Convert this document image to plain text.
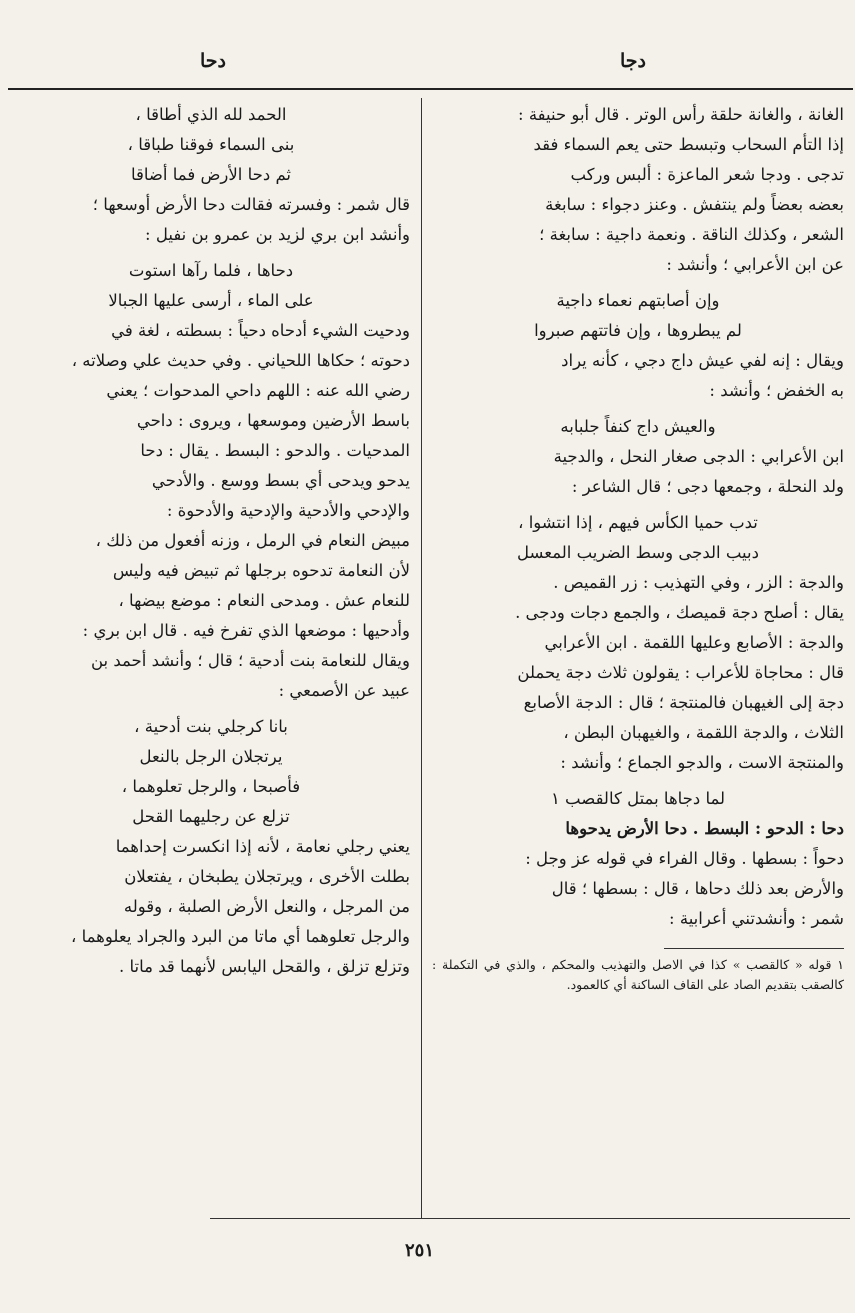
دجا
دحا

الغانة ، والغانة حلقة رأس الوتر . قال أبو حنيفة :

إذا التأم السحاب وتبسط حتى يعم السماء فقد

تدجى . ودجا شعر الماعزة : ألبس وركب

بعضه بعضاً ولم ينتفش . وعنز دجواء : سابغة

الشعر ، وكذلك الناقة . ونعمة داجية : سابغة ؛

عن ابن الأعرابي ؛ وأنشد :

وإن أصابتهم نعماء داجية

لم يبطروها ، وإن فاتتهم صبروا

ويقال : إنه لفي عيش داج دجي ، كأنه يراد

به الخفض ؛ وأنشد :

والعيش داج كنفاً جلبابه

ابن الأعرابي : الدجى صغار النحل ، والدجية

ولد النحلة ، وجمعها دجى ؛ قال الشاعر :

تدب حميا الكأس فيهم ، إذا انتشوا ،

دبيب الدجى وسط الضريب المعسل

والدجة : الزر ، وفي التهذيب : زر القميص .

يقال : أصلح دجة قميصك ، والجمع دجات ودجى .

والدجة : الأصابع وعليها اللقمة . ابن الأعرابي

قال : محاجاة للأعراب : يقولون ثلاث دجة يحملن

دجة إلى الغيهبان فالمنتجة ؛ قال : الدجة الأصابع

الثلاث ، والدجة اللقمة ، والغيهبان البطن ،

والمنتجة الاست ، والدجو الجماع ؛ وأنشد :

لما دجاها بمتل كالقصب ١

دحا : الدحو : البسط . دحا الأرض يدحوها

دحواً : بسطها . وقال الفراء في قوله عز وجل :

والأرض بعد ذلك دحاها ، قال : بسطها ؛ قال

شمر : وأنشدتني أعرابية :

١ قوله « كالقصب » كذا في الاصل والتهذيب والمحكم ، والذي في التكملة : كالصقب بتقديم الصاد على القاف الساكنة أي كالعمود.

الحمد لله الذي أطاقا ،

بنى السماء فوقنا طباقا ،

ثم دحا الأرض فما أضاقا

قال شمر : وفسرته فقالت دحا الأرض أوسعها ؛

وأنشد ابن بري لزيد بن عمرو بن نفيل :

دحاها ، فلما رآها استوت

على الماء ، أرسى عليها الجبالا

ودحيت الشيء أدحاه دحياً : بسطته ، لغة في

دحوته ؛ حكاها اللحياني . وفي حديث علي وصلاته ،

رضي الله عنه : اللهم داحي المدحوات ؛ يعني

باسط الأرضين وموسعها ، ويروى : داحي

المدحيات . والدحو : البسط . يقال : دحا

يدحو ويدحى أي بسط ووسع . والأدحي

والإدحي والأدحية والإدحية والأدحوة :

مبيض النعام في الرمل ، وزنه أفعول من ذلك ،

لأن النعامة تدحوه برجلها ثم تبيض فيه وليس

للنعام عش . ومدحى النعام : موضع بيضها ،

وأدحيها : موضعها الذي تفرخ فيه . قال ابن بري :

ويقال للنعامة بنت أدحية ؛ قال ؛ وأنشد أحمد بن

عبيد عن الأصمعي :

بانا كرجلي بنت أدحية ،

يرتجلان الرجل بالنعل

فأصبحا ، والرجل تعلوهما ،

تزلع عن رجليهما القحل

يعني رجلي نعامة ، لأنه إذا انكسرت إحداهما

بطلت الأخرى ، ويرتجلان يطبخان ، يفتعلان

من المرجل ، والنعل الأرض الصلبة ، وقوله

والرجل تعلوهما أي ماتا من البرد والجراد يعلوهما ،

وتزلع تزلق ، والقحل اليابس لأنهما قد ماتا .

٢٥١
